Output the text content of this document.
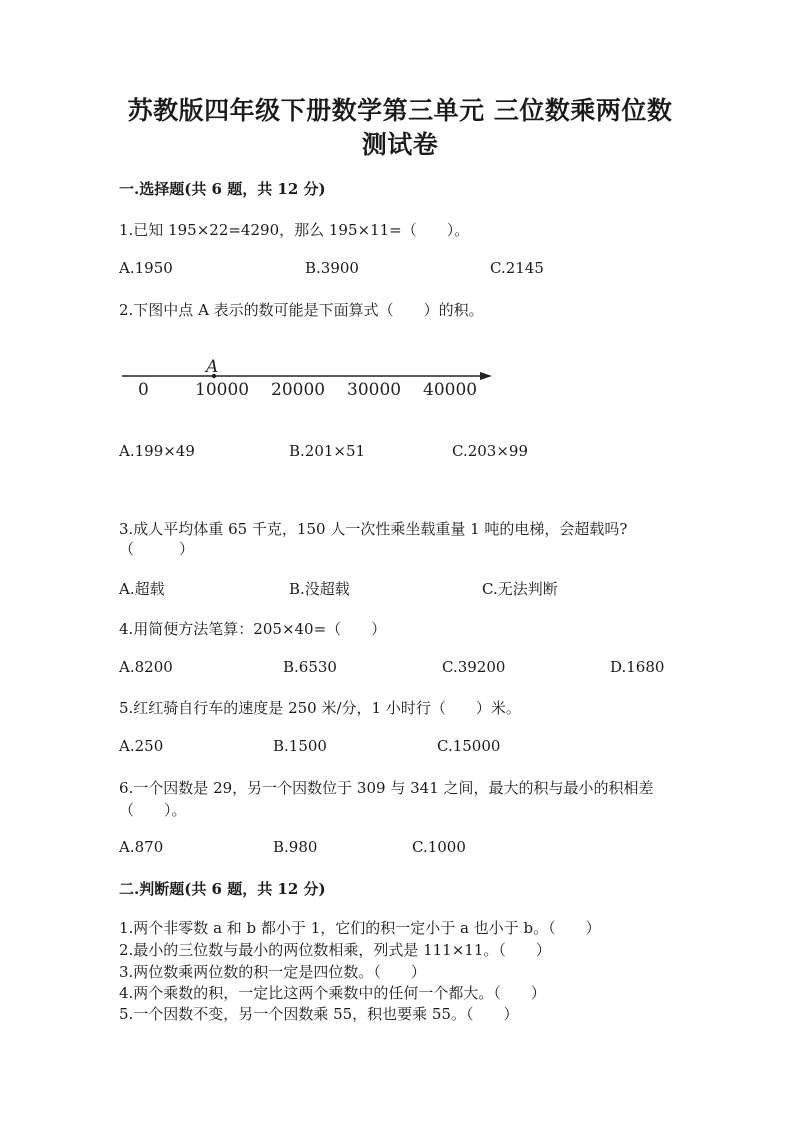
苏教版四年级下册数学第三单元 三位数乘两位数
测试卷
一.选择题(共 6 题，共 12 分)
1.已知 195×22=4290，那么 195×11=（　　）。
A.1950	B.3900	C.2145
2.下图中点 A 表示的数可能是下面算式（　　）的积。
A
0	10000 20000 30000 40000
A.199×49	B.201×51	C.203×99
3.成人平均体重 65 千克，150 人一次性乘坐载重量 1 吨的电梯，会超载吗?
（　　　）
A.超载	B.没超载	C.无法判断
4.用简便方法笔算：205×40=（　　）
A.8200	B.6530	C.39200	D.1680
5.红红骑自行车的速度是 250 米/分，1 小时行（　　）米。
A.250	B.1500	C.15000
6.一个因数是 29，另一个因数位于 309 与 341 之间，最大的积与最小的积相差
（　　）。
A.870	B.980	C.1000
二.判断题(共 6 题，共 12 分)
1.两个非零数 a 和 b 都小于 1，它们的积一定小于 a 也小于 b。（　　）
2.最小的三位数与最小的两位数相乘，列式是 111×11。（　　）
3.两位数乘两位数的积一定是四位数。（　　）
4.两个乘数的积，一定比这两个乘数中的任何一个都大。（　　）
5.一个因数不变，另一个因数乘 55，积也要乘 55。（　　）
